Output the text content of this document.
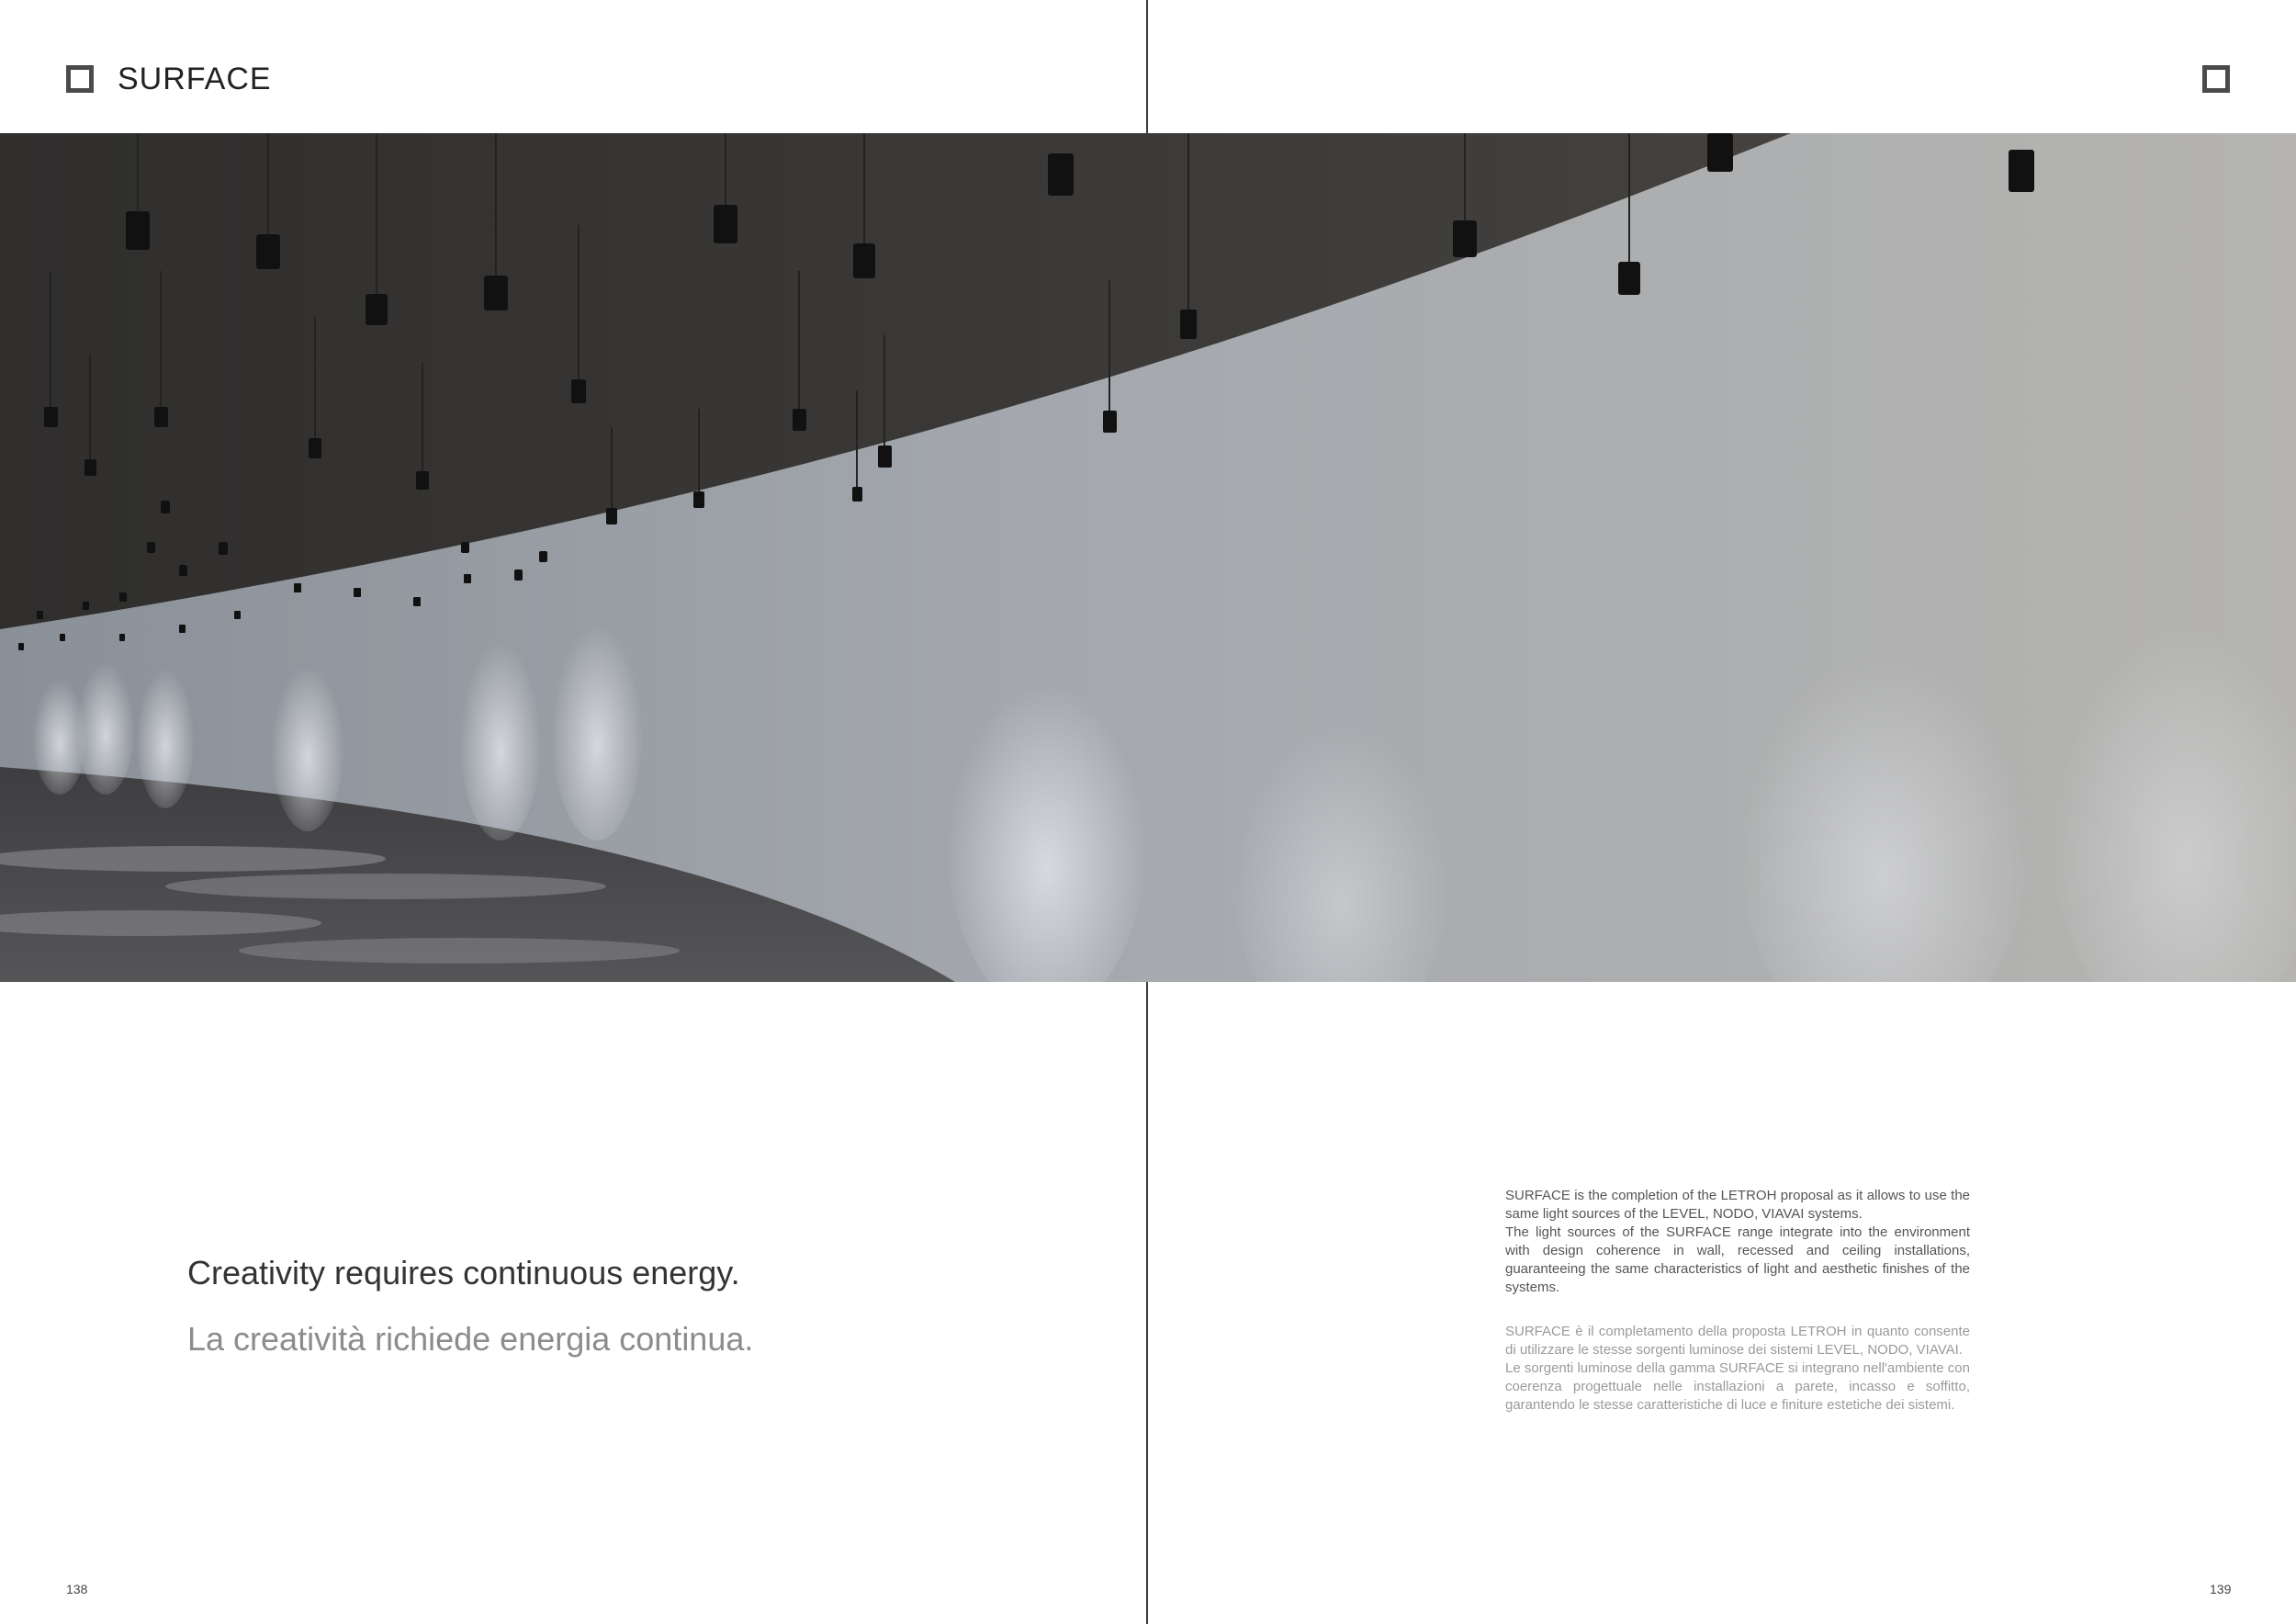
SURFACE
Creativity requires continuous energy.
La creatività richiede energia continua.

SURFACE is the completion of the LETROH proposal as it allows to use the same light sources of the LEVEL, NODO, VIAVAI systems.

The light sources of the SURFACE range integrate into the environment with design coherence in wall, recessed and ceiling installations, guaranteeing the same characteristics of light and aesthetic finishes of the systems.

SURFACE è il completamento della proposta LETROH in quanto consente di utilizzare le stesse sorgenti luminose dei sistemi LEVEL, NODO, VIAVAI.

Le sorgenti luminose della gamma SURFACE si integrano nell'ambiente con coerenza progettuale nelle installazioni a parete, incasso e soffitto, garantendo le stesse caratteristiche di luce e finiture estetiche dei sistemi.

138	139
